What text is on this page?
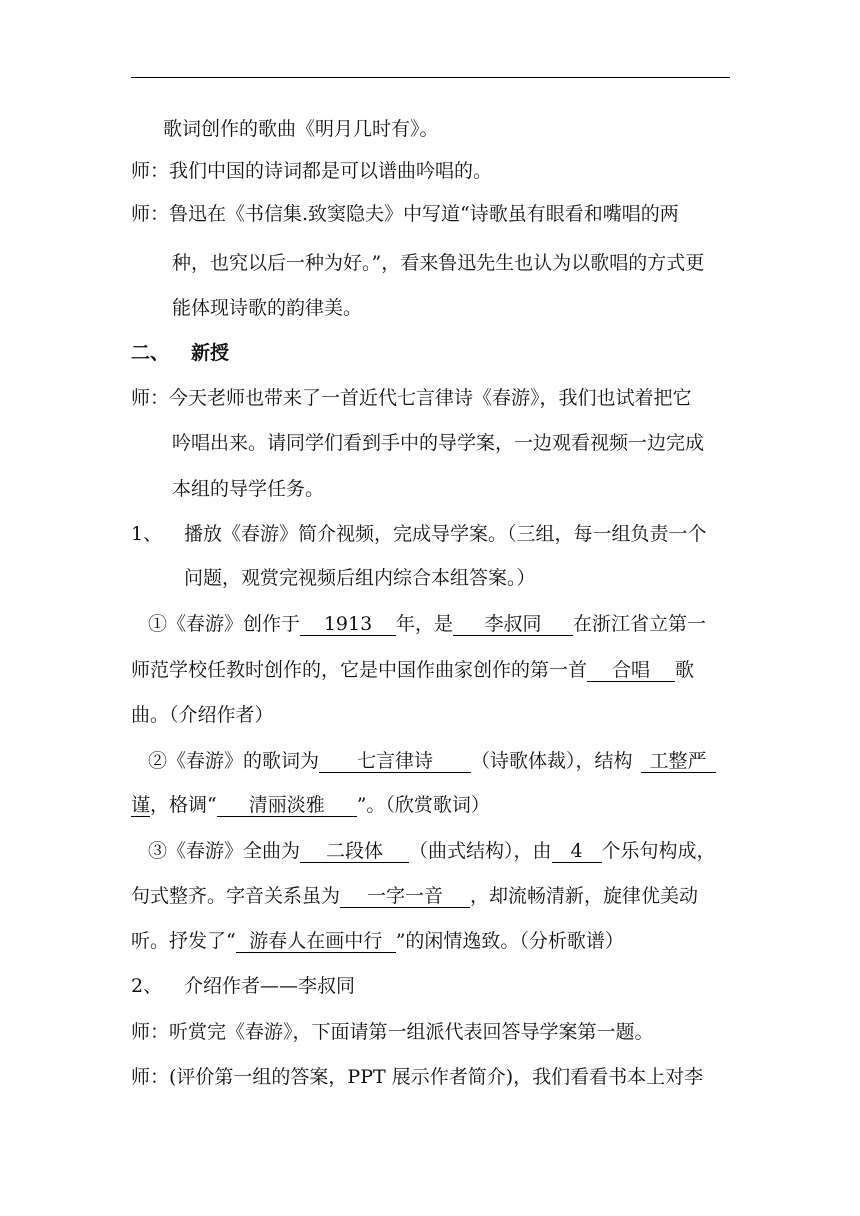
歌词创作的歌曲《明月几时有》。
师：我们中国的诗词都是可以谱曲吟唱的。
师：鲁迅在《书信集.致窦隐夫》中写道“诗歌虽有眼看和嘴唱的两
种，也究以后一种为好。”，看来鲁迅先生也认为以歌唱的方式更
能体现诗歌的韵律美。
二、 新授
师：今天老师也带来了一首近代七言律诗《春游》，我们也试着把它
吟唱出来。请同学们看到手中的导学案，一边观看视频一边完成
本组的导学任务。
1、 播放《春游》简介视频，完成导学案。（三组，每一组负责一个
问题，观赏完视频后组内综合本组答案。）
①《春游》创作于 1913 年，是 李叔同 在浙江省立第一
师范学校任教时创作的，它是中国作曲家创作的第一首 合唱 歌
曲。（介绍作者）
②《春游》的歌词为 七言律诗 （诗歌体裁），结构 工整严
谨，格调“ 清丽淡雅 ”。（欣赏歌词）
③《春游》全曲为 二段体 （曲式结构），由 4 个乐句构成，
句式整齐。字音关系虽为 一字一音 ，却流畅清新，旋律优美动
听。抒发了“ 游春人在画中行 ”的闲情逸致。（分析歌谱）
2、 介绍作者——李叔同
师：听赏完《春游》，下面请第一组派代表回答导学案第一题。
师：(评价第一组的答案，PPT 展示作者简介)，我们看看书本上对李
